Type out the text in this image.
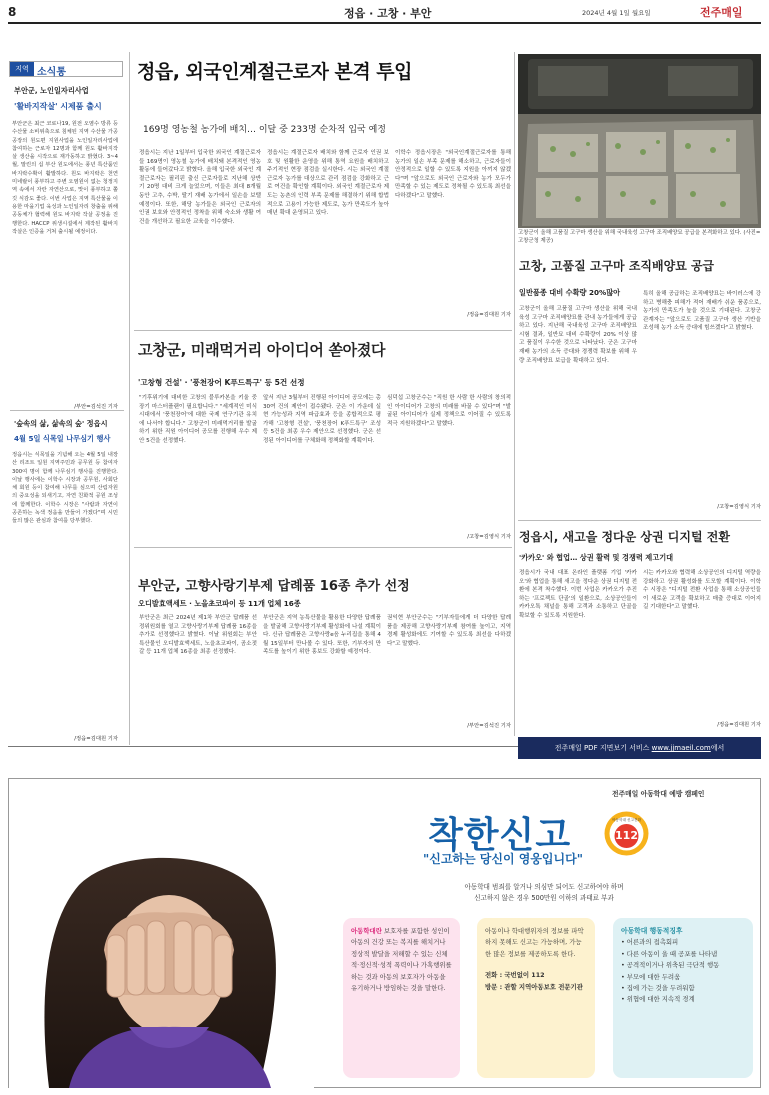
8	정읍 · 고창 · 부안	2024년 4월 1일 월요일	전주매일
지역 소식통
부안군, 노인일자리사업
'활바지작살' 시제품 출시
부안군은 최근 코로나19, 원전 오염수 방류 등 수산물 소비위축으로 침체된 지역 수산물 가공공장의 원도편 지원사업을 노인일자리사업에 참여하는 근로자 12명과 함께 원도 활바지작살 생산을 시작으로 재가동하고 밝혔다. 3~4월, 말린의 십 부산 원도에서는 풍년 특산품인 바지락수확이 활발하다. 원도 바지락은 천연 미네랄이 풍부하고 주변 오염원이 없는 청정지역 속에서 자란 자연산으로, 맛이 풍부하고 쫄깃 식감도 좋다. 이번 사업은 지역 특산물을 이용한 마을기업 육성과 노인일자리 창출을 위해 공동체가 협력해 원도 바지락 작살 공정을 진행한다. HACCP 위생시설에서 제작된 활바지작살은 인증을 거쳐 출시될 예정이다.
/부안=김석진 기자
'숲속의 삶, 삶속의 숲' 정읍시
4월 5일 식목일 나무심기 행사
정읍시는 식목일을 기념해 오는 4월 5일 내장산 리조트 일원 지역주민과 공무원 등 참여자 300여 명이 함께 나무심기 행사를 진행한다. 이날 행사에는 이학수 시장과 공무원, 사회단체 회원 등이 참여해 나무를 심으며 산림자원의 중요성을 되새기고, 자연 친화적 공원 조성에 함께한다. 이학수 시장은 "사람과 자연이 공존하는 녹색 정읍을 만들어 가겠다"며 시민들의 많은 관심과 참여를 당부했다.
/정읍=김대원 기자
정읍, 외국인계절근로자 본격 투입
169명 영농철 농가에 배치… 이달 중 233명 순차적 입국 예정
정읍시는 지난 1일부터 입국한 외국인 계절근로자들 169명이 영농철 농가에 배치돼 본격적인 영농활동에 들어갔다고 밝혔다. 올해 입국한 외국인 계절근로자는 필리핀 출신 근로자들로 지난해 상반기 20명 대비 크게 늘었으며, 이들은 최대 8개월 동안 고추, 수박, 딸기 재배 농가에서 일손을 보탤 예정이다. 또한, 해당 농가들은 외국인 근로자의 인권 보호와 안정적인 정착을 위해 숙소와 생활 여건을 개선하고 필요한 교육을 이수했다.
정읍시는 계절근로자 배치와 함께 근로자 인권 보호 및 원활한 운영을 위해 통역 요원을 배치하고 주기적인 현장 점검을 실시한다. 시는 외국인 계절근로자 농가를 대상으로 관리 점검을 강화하고 근로 여건을 확인할 계획이다. 외국인 계절근로자 제도는 농촌의 인력 부족 문제를 해결하기 위해 합법적으로 고용이 가능한 제도로, 농가 만족도가 높아 매년 확대 운영되고 있다.
이학수 정읍시장은 "외국인계절근로자를 통해 농가의 일손 부족 문제를 해소하고, 근로자들이 안정적으로 일할 수 있도록 지원을 아끼지 않겠다"며 "앞으로도 외국인 근로자와 농가 모두가 만족할 수 있는 제도로 정착될 수 있도록 최선을 다하겠다"고 말했다.
/정읍=김대원 기자
고창군이 올해 고품질 고구마 생산을 위해 국내육성 고구마 조직배양묘 공급을 본격화하고 있다. (사진=고창군청 제공)
고창군, 미래먹거리 아이디어 쏟아졌다
'고창형 건설' · '풍천장어 K푸드특구' 등 5건 선정
"기후위기에 대비한 고창의 블루카본을 키울 중장기 마스터플랜이 필요합니다." "세계적인 미식 시대에서 '풍천장어'에 대한 국제 연구기관 유치에 나서야 합니다." 고창군이 미래먹거리를 발굴하기 위한 직원 아이디어 공모를 진행해 우수 제안 5건을 선정했다.
앞서 지난 3월부터 진행된 아이디어 공모에는 총 30여 건의 제안이 접수됐다. 군은 이 가운데 실현 가능성과 지역 파급효과 등을 종합적으로 평가해 '고창형 건설', '풍천장어 K푸드특구' 조성 등 5건을 최종 우수 제안으로 선정했다. 군은 선정된 아이디어를 구체화해 정책화할 계획이다.
심덕섭 고창군수는 "직원 한 사람 한 사람의 창의적인 아이디어가 고창의 미래를 바꿀 수 있다"며 "발굴된 아이디어가 실제 정책으로 이어질 수 있도록 적극 지원하겠다"고 말했다.
/고창=김영식 기자
고창, 고품질 고구마 조직배양묘 공급
일반품종 대비 수확량 20%많아
고창군이 올해 고품질 고구마 생산을 위해 국내육성 고구마 조직배양묘를 관내 농가들에게 공급하고 있다. 지난해 국내육성 고구마 조직배양묘 시험 결과, 일반묘 대비 수확량이 20% 이상 많고 품질이 우수한 것으로 나타났다. 군은 고구마 재배 농가의 소득 증대와 경쟁력 확보를 위해 우량 조직배양묘 보급을 확대하고 있다.
특히 올해 공급하는 조직배양묘는 바이러스에 강하고 병해충 피해가 적어 재배가 쉬운 품종으로, 농가의 만족도가 높을 것으로 기대된다. 고창군 관계자는 "앞으로도 고품질 고구마 생산 기반을 조성해 농가 소득 증대에 힘쓰겠다"고 밝혔다.
/고창=김영식 기자
부안군, 고향사랑기부제 답례품 16종 추가 선정
오디발효액세트 · 노을초코파이 등 11개 업체 16종
부안군은 최근 2024년 제1차 부안군 답례품 선정위원회를 열고 고향사랑기부제 답례품 16종을 추가로 선정했다고 밝혔다. 이날 위원회는 부안특산물인 오디발효액세트, 노을초코파이, 곰소젓갈 등 11개 업체 16종을 최종 선정했다.
부안군은 지역 농특산물을 활용한 다양한 답례품을 발굴해 고향사랑기부제 활성화에 나설 계획이다. 신규 답례품은 고향사랑e음 누리집을 통해 4월 15일부터 만나볼 수 있다. 또한, 기부자의 만족도를 높이기 위한 홍보도 강화할 예정이다.
권익현 부안군수는 "기부자들에게 더 다양한 답례품을 제공해 고향사랑기부제 참여를 높이고, 지역경제 활성화에도 기여할 수 있도록 최선을 다하겠다"고 말했다.
/부안=김석진 기자
정읍시, 새고을 정다운 상권 디지털 전환
'카카오' 와 협업… 상권 활력 및 경쟁력 제고기대
정읍시가 국내 대표 온라인 플랫폼 기업 '카카오'와 협업을 통해 새고을 정다운 상권 디지털 전환에 본격 착수했다. 이번 사업은 카카오가 추진하는 '프로젝트 단골'의 일환으로, 소상공인들이 카카오톡 채널을 통해 고객과 소통하고 단골을 확보할 수 있도록 지원한다.
시는 카카오와 협력해 소상공인의 디지털 역량을 강화하고 상권 활성화를 도모할 계획이다. 이학수 시장은 "디지털 전환 사업을 통해 소상공인들이 새로운 고객을 확보하고 매출 증대로 이어지길 기대한다"고 말했다.
/정읍=김대원 기자
전주매일 PDF 지면보기 서비스 www.jjmaeil.com에서
전주매일 아동학대 예방 캠페인
착한신고	아동학대 신고전화
112
"신고하는 당신이 영웅입니다"
아동학대 범죄를 알거나 의심만 되어도 신고하여야 하며
신고하지 않은 경우 500만원 이하의 과태료 부과
아동학대란 보호자를 포함한 성인이 아동의 건강 또는 복지를 해치거나 정상적 발달을 저해할 수 있는 신체적·정신적·성적 폭력이나 가혹행위를 하는 것과 아동의 보호자가 아동을 유기하거나 방임하는 것을 말한다.
아동이나 학대행위자의 정보를 파악하지 못해도 신고는 가능하며, 가능한 많은 정보를 제공하도록 한다.
전화 : 국번없이 112
방문 : 관할 지역아동보호 전문기관
아동학대 행동적징후
• 어른과의 접촉회피
• 다른 아동이 울 때 공포를 나타냄
• 공격적이거나 위축된 극단적 행동
• 부모에 대한 두려움
• 집에 가는 것을 두려워함
• 위협에 대한 지속적 경계
